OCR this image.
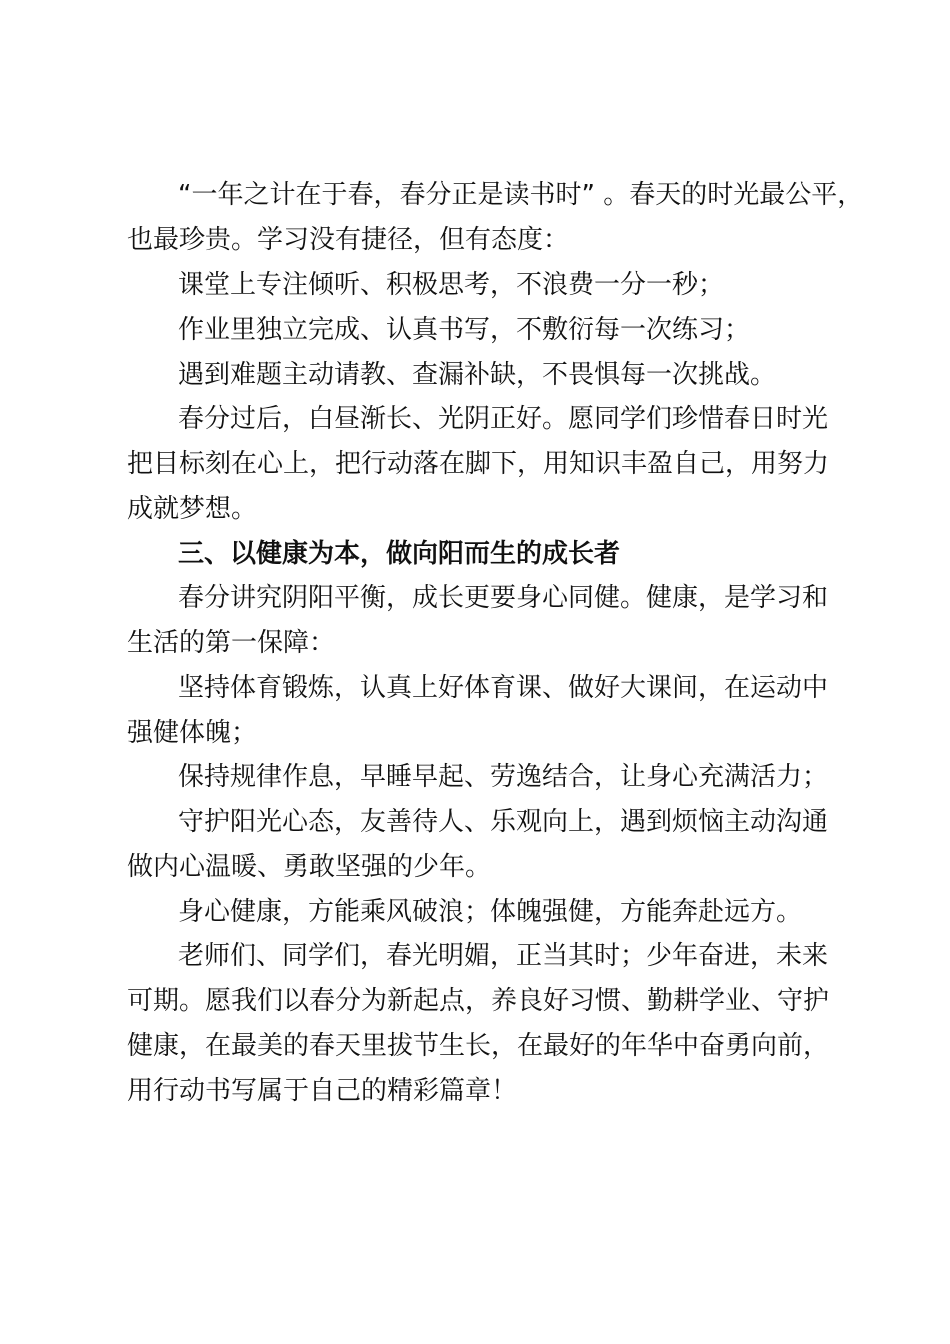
“一年之计在于春，春分正是读书时” 。春天的时光最公平，
也最珍贵。学习没有捷径，但有态度：
课堂上专注倾听、积极思考，不浪费一分一秒；
作业里独立完成、认真书写，不敷衍每一次练习；
遇到难题主动请教、查漏补缺，不畏惧每一次挑战。
春分过后，白昼渐长、光阴正好。愿同学们珍惜春日时光
把目标刻在心上，把行动落在脚下，用知识丰盈自己，用努力
成就梦想。
三、以健康为本，做向阳而生的成长者
春分讲究阴阳平衡，成长更要身心同健。健康，是学习和
生活的第一保障：
坚持体育锻炼，认真上好体育课、做好大课间，在运动中
强健体魄；
保持规律作息，早睡早起、劳逸结合，让身心充满活力；
守护阳光心态，友善待人、乐观向上，遇到烦恼主动沟通
做内心温暖、勇敢坚强的少年。
身心健康，方能乘风破浪；体魄强健，方能奔赴远方。
老师们、同学们，春光明媚，正当其时；少年奋进，未来
可期。愿我们以春分为新起点，养良好习惯、勤耕学业、守护
健康，在最美的春天里拔节生长，在最好的年华中奋勇向前，
用行动书写属于自己的精彩篇章！
